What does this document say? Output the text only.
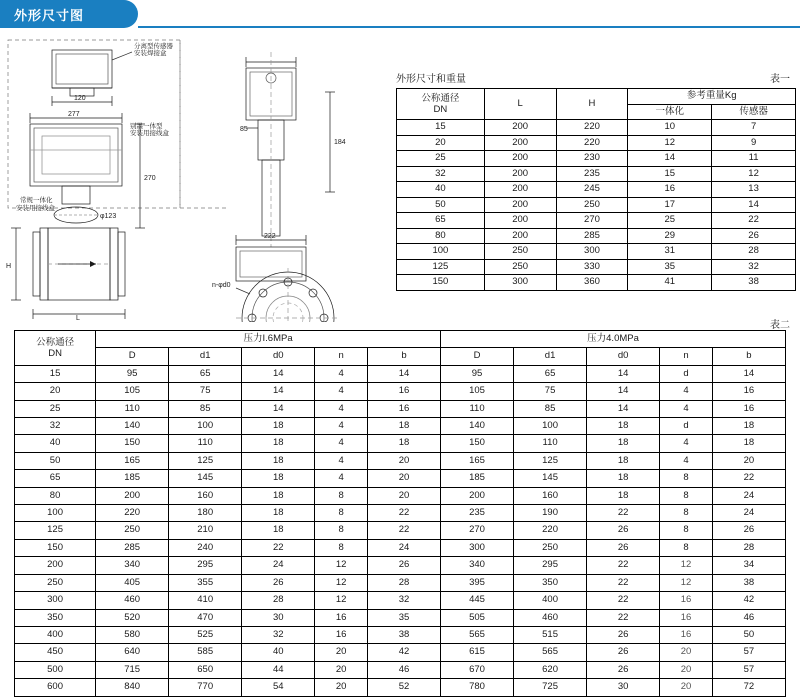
外形尺寸图
分离型传感器
安装焊接盒
120
277
270
别墨一体型
安装用接线盒
常规一体化
安装用接线盒
φ123
L
H
85
184
222
n-φd0
外形尺寸和重量	表一
公称通径
DN	L	H	参考重量Kg	
			一体化	传感器
15	200	220	10	7
20	200	220	12	9
25	200	230	14	11
32	200	235	15	12
40	200	245	16	13
50	200	250	17	14
65	200	270	25	22
80	200	285	29	26
100	250	300	31	28
125	250	330	35	32
150	300	360	41	38
表二
公称通径
DN	压力I.6MPa					压力4.0MPa				
	D	d1	d0	n	b	D	d1	d0	n	b
15	95	65	14	4	14	95	65	14	d	14
20	105	75	14	4	16	105	75	14	4	16
25	110	85	14	4	16	110	85	14	4	16
32	140	100	18	4	18	140	100	18	d	18
40	150	110	18	4	18	150	110	18	4	18
50	165	125	18	4	20	165	125	18	4	20
65	185	145	18	4	20	185	145	18	8	22
80	200	160	18	8	20	200	160	18	8	24
100	220	180	18	8	22	235	190	22	8	24
125	250	210	18	8	22	270	220	26	8	26
150	285	240	22	8	24	300	250	26	8	28
200	340	295	24	12	26	340	295	22	12	34
250	405	355	26	12	28	395	350	22	12	38
300	460	410	28	12	32	445	400	22	16	42
350	520	470	30	16	35	505	460	22	16	46
400	580	525	32	16	38	565	515	26	16	50
450	640	585	40	20	42	615	565	26	20	57
500	715	650	44	20	46	670	620	26	20	57
600	840	770	54	20	52	780	725	30	20	72
